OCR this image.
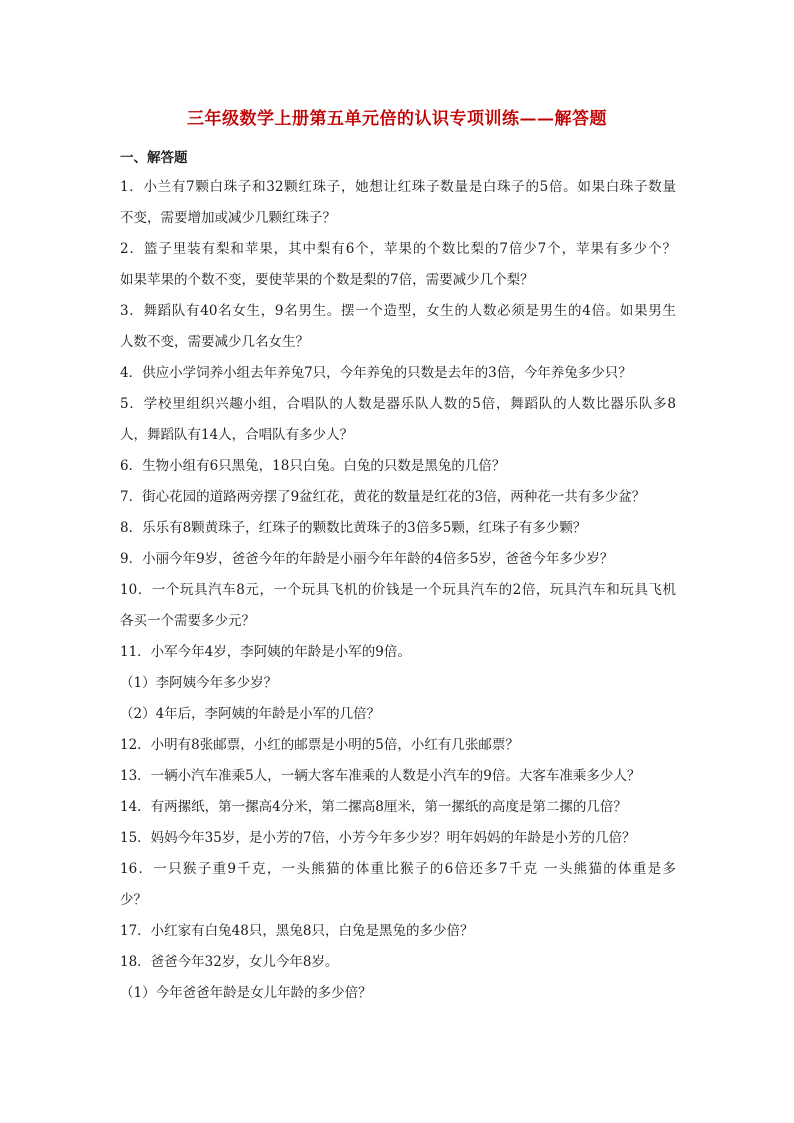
三年级数学上册第五单元倍的认识专项训练——解答题
一、解答题
1．小兰有7颗白珠子和32颗红珠子，她想让红珠子数量是白珠子的5倍。如果白珠子数量
不变，需要增加或减少几颗红珠子？
2．篮子里装有梨和苹果，其中梨有6个，苹果的个数比梨的7倍少7个，苹果有多少个？
如果苹果的个数不变，要使苹果的个数是梨的7倍，需要减少几个梨？
3．舞蹈队有40名女生，9名男生。摆一个造型，女生的人数必须是男生的4倍。如果男生
人数不变，需要减少几名女生？
4．供应小学饲养小组去年养兔7只，今年养兔的只数是去年的3倍，今年养兔多少只？
5．学校里组织兴趣小组，合唱队的人数是器乐队人数的5倍，舞蹈队的人数比器乐队多8
人，舞蹈队有14人，合唱队有多少人？
6．生物小组有6只黑兔，18只白兔。白兔的只数是黑兔的几倍？
7．街心花园的道路两旁摆了9盆红花，黄花的数量是红花的3倍，两种花一共有多少盆？
8．乐乐有8颗黄珠子，红珠子的颗数比黄珠子的3倍多5颗，红珠子有多少颗？
9．小丽今年9岁，爸爸今年的年龄是小丽今年年龄的4倍多5岁，爸爸今年多少岁？
10．一个玩具汽车8元，一个玩具飞机的价钱是一个玩具汽车的2倍，玩具汽车和玩具飞机
各买一个需要多少元？
11．小军今年4岁，李阿姨的年龄是小军的9倍。
（1）李阿姨今年多少岁？
（2）4年后，李阿姨的年龄是小军的几倍？
12．小明有8张邮票，小红的邮票是小明的5倍，小红有几张邮票？
13．一辆小汽车准乘5人，一辆大客车准乘的人数是小汽车的9倍。大客车准乘多少人？
14．有两摞纸，第一摞高4分米，第二摞高8厘米，第一摞纸的高度是第二摞的几倍？
15．妈妈今年35岁，是小芳的7倍，小芳今年多少岁？明年妈妈的年龄是小芳的几倍？
16．一只猴子重9千克，一头熊猫的体重比猴子的6倍还多7千克 一头熊猫的体重是多
少？
17．小红家有白兔48只，黑兔8只，白兔是黑兔的多少倍？
18．爸爸今年32岁，女儿今年8岁。
（1）今年爸爸年龄是女儿年龄的多少倍？
